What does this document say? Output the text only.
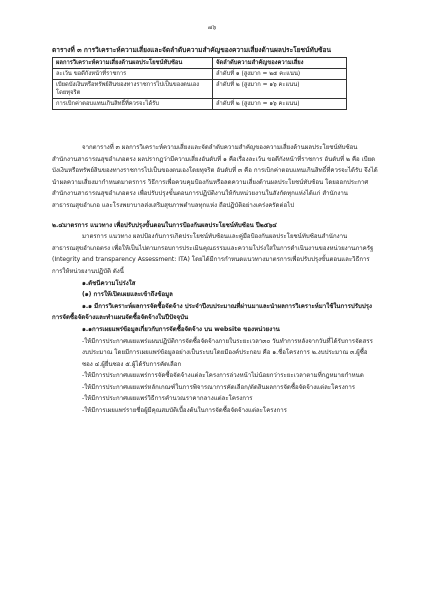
๗๖
ตารางที่ ๓ การวิเคราะห์ความเสี่ยงและจัดลำดับความสำคัญของความเสี่ยงด้านผลประโยชน์ทับซ้อน
ผลการวิเคราะห์ความเสี่ยงด้านผลประโยชน์ทับซ้อน	จัดลำดับความสำคัญของความเสี่ยง
ละเว้น ขอดีกังหน้าที่ราชการ	ลำดับที่ ๑ (สูงมาก = ๒๕ คะแนน)
เบียดบังเงินหรือทรัพย์สินของทางราชการไปเป็นของตนเองโดยทุจริต	ลำดับที่ ๒ (สูงมาก = ๑๖ คะแนน)
การเบิกค่าตอบแทนเกินสิทธิ์ที่ควรจะได้รับ	ลำดับที่ ๒ (สูงมาก = ๑๖ คะแนน)

จากตารางที่ ๓ ผลการวิเคราะห์ความเสี่ยงและจัดลำดับความสำคัญของความเสี่ยงด้านผลประโยชน์ทับซ้อนสำนักงานสาธารณสุขอำเภอตรง ผลปรากฏว่ามีความเสี่ยงอันดับที่ ๑ คือเรื่องละเว้น ขอดีกังหน้าที่ราชการ อันดับที่ ๒ คือ เบียดบังเงินหรือทรัพย์สินของทางราชการไปเป็นของตนเองโดยทุจริต อันดับที่ ๓ คือ การเบิกค่าตอบแทนเกินสิทธิ์ที่ควรจะได้รับ จึงได้นำผลความเสี่ยงมากำหนดมาตรการ วิธีการเพื่อควบคุมป้องกันหรือลดความเสี่ยงด้านผลประโยชน์ทับซ้อน โดยออกประกาศสำนักงานสาธารณสุขอำเภอตรง เพื่อปรับปรุงขั้นตอนการปฏิบัติงานให้กับหน่วยงานในสังกัดทุกแห่งได้แก่ สำนักงานสาธารณสุขอำเภอ และโรงพยาบาลส่งเสริมสุขภาพตำบลทุกแห่ง ถือปฏิบัติอย่างเคร่งครัดต่อไป

๒.๔มาตรการ แนวทาง เพื่อปรับปรุงขั้นตอนในการป้องกันผลประโยชน์ทับซ้อน ปี๒๕๖๔

มาตรการ แนวทาง ผลปป้องกันการเกิดประโยชน์ทับซ้อนและคู่มือป้องกันผลประโยชน์ทับซ้อนสำนักงานสาธารณสุขอำเภอตรง เพื่อให้เป็นไปตามกรอบการประเมินคุณธรรมและความโปร่งใสในการดำเนินงานของหน่วยงานภาครัฐ (Integrity and transparency Assessment: ITA) โดยได้มีการกำหนดแนวทางมาตรการเพื่อปรับปรุงขั้นตอนและวิธีการการให้หน่วยงานปฏิบัติ ดังนี้

๑.ดัชนีความโปร่งใส

(๑) การให้เปิดเผยและเข้าถึงข้อมูล

๑.๑ มีการวิเคราะห์ผลการจัดซื้อจัดจ้าง ประจำปีงบประมาณที่ผ่านมาและนำผลการวิเคราะห์มาใช้ในการปรับปรุงการจัดซื้อจัดจ้างและทำแผนจัดซื้อจัดจ้างในปีปัจจุบัน

๑.๑การเผยแพร่ข้อมูลเกี่ยวกับการจัดซื้อจัดจ้าง บน website ของหน่วยงาน

-ให้มีการประกาศเผยแพร่แผนปฏิบัติการจัดซื้อจัดจ้างภายในระยะเวลา๓๐ วันทำการหลังจากวันที่ได้รับการจัดสรรงบประมาณ โดยมีการเผยแพร่ข้อมูลอย่างเป็นระบบโดยมีองค์ประกอบ คือ ๑.ชื่อโครงการ ๒.งบประมาณ ๓.ผู้ซื้อซอง ๔.ผู้ยื่นซอง ๕.ผู้ได้รับการคัดเลือก

-ให้มีการประกาศเผยแพร่การจัดซื้อจัดจ้างแต่ละโครงการล่วงหน้าไม่น้อยกว่าระยะเวลาตามที่กฎหมายกำหนด

-ให้มีการประกาศเผยแพร่หลักเกณฑ์ในการพิจารณาการคัดเลือก/ตัดสินผลการจัดซื้อจัดจ้างแต่ละโครงการ

-ให้มีการประกาศเผยแพร่วิธีการคำนวณราคากลางแต่ละโครงการ

-ให้มีการเผยแพร่รายชื่อผู้มีคุณสมบัติเบื้องต้นในการจัดซื้อจัดจ้างแต่ละโครงการ
